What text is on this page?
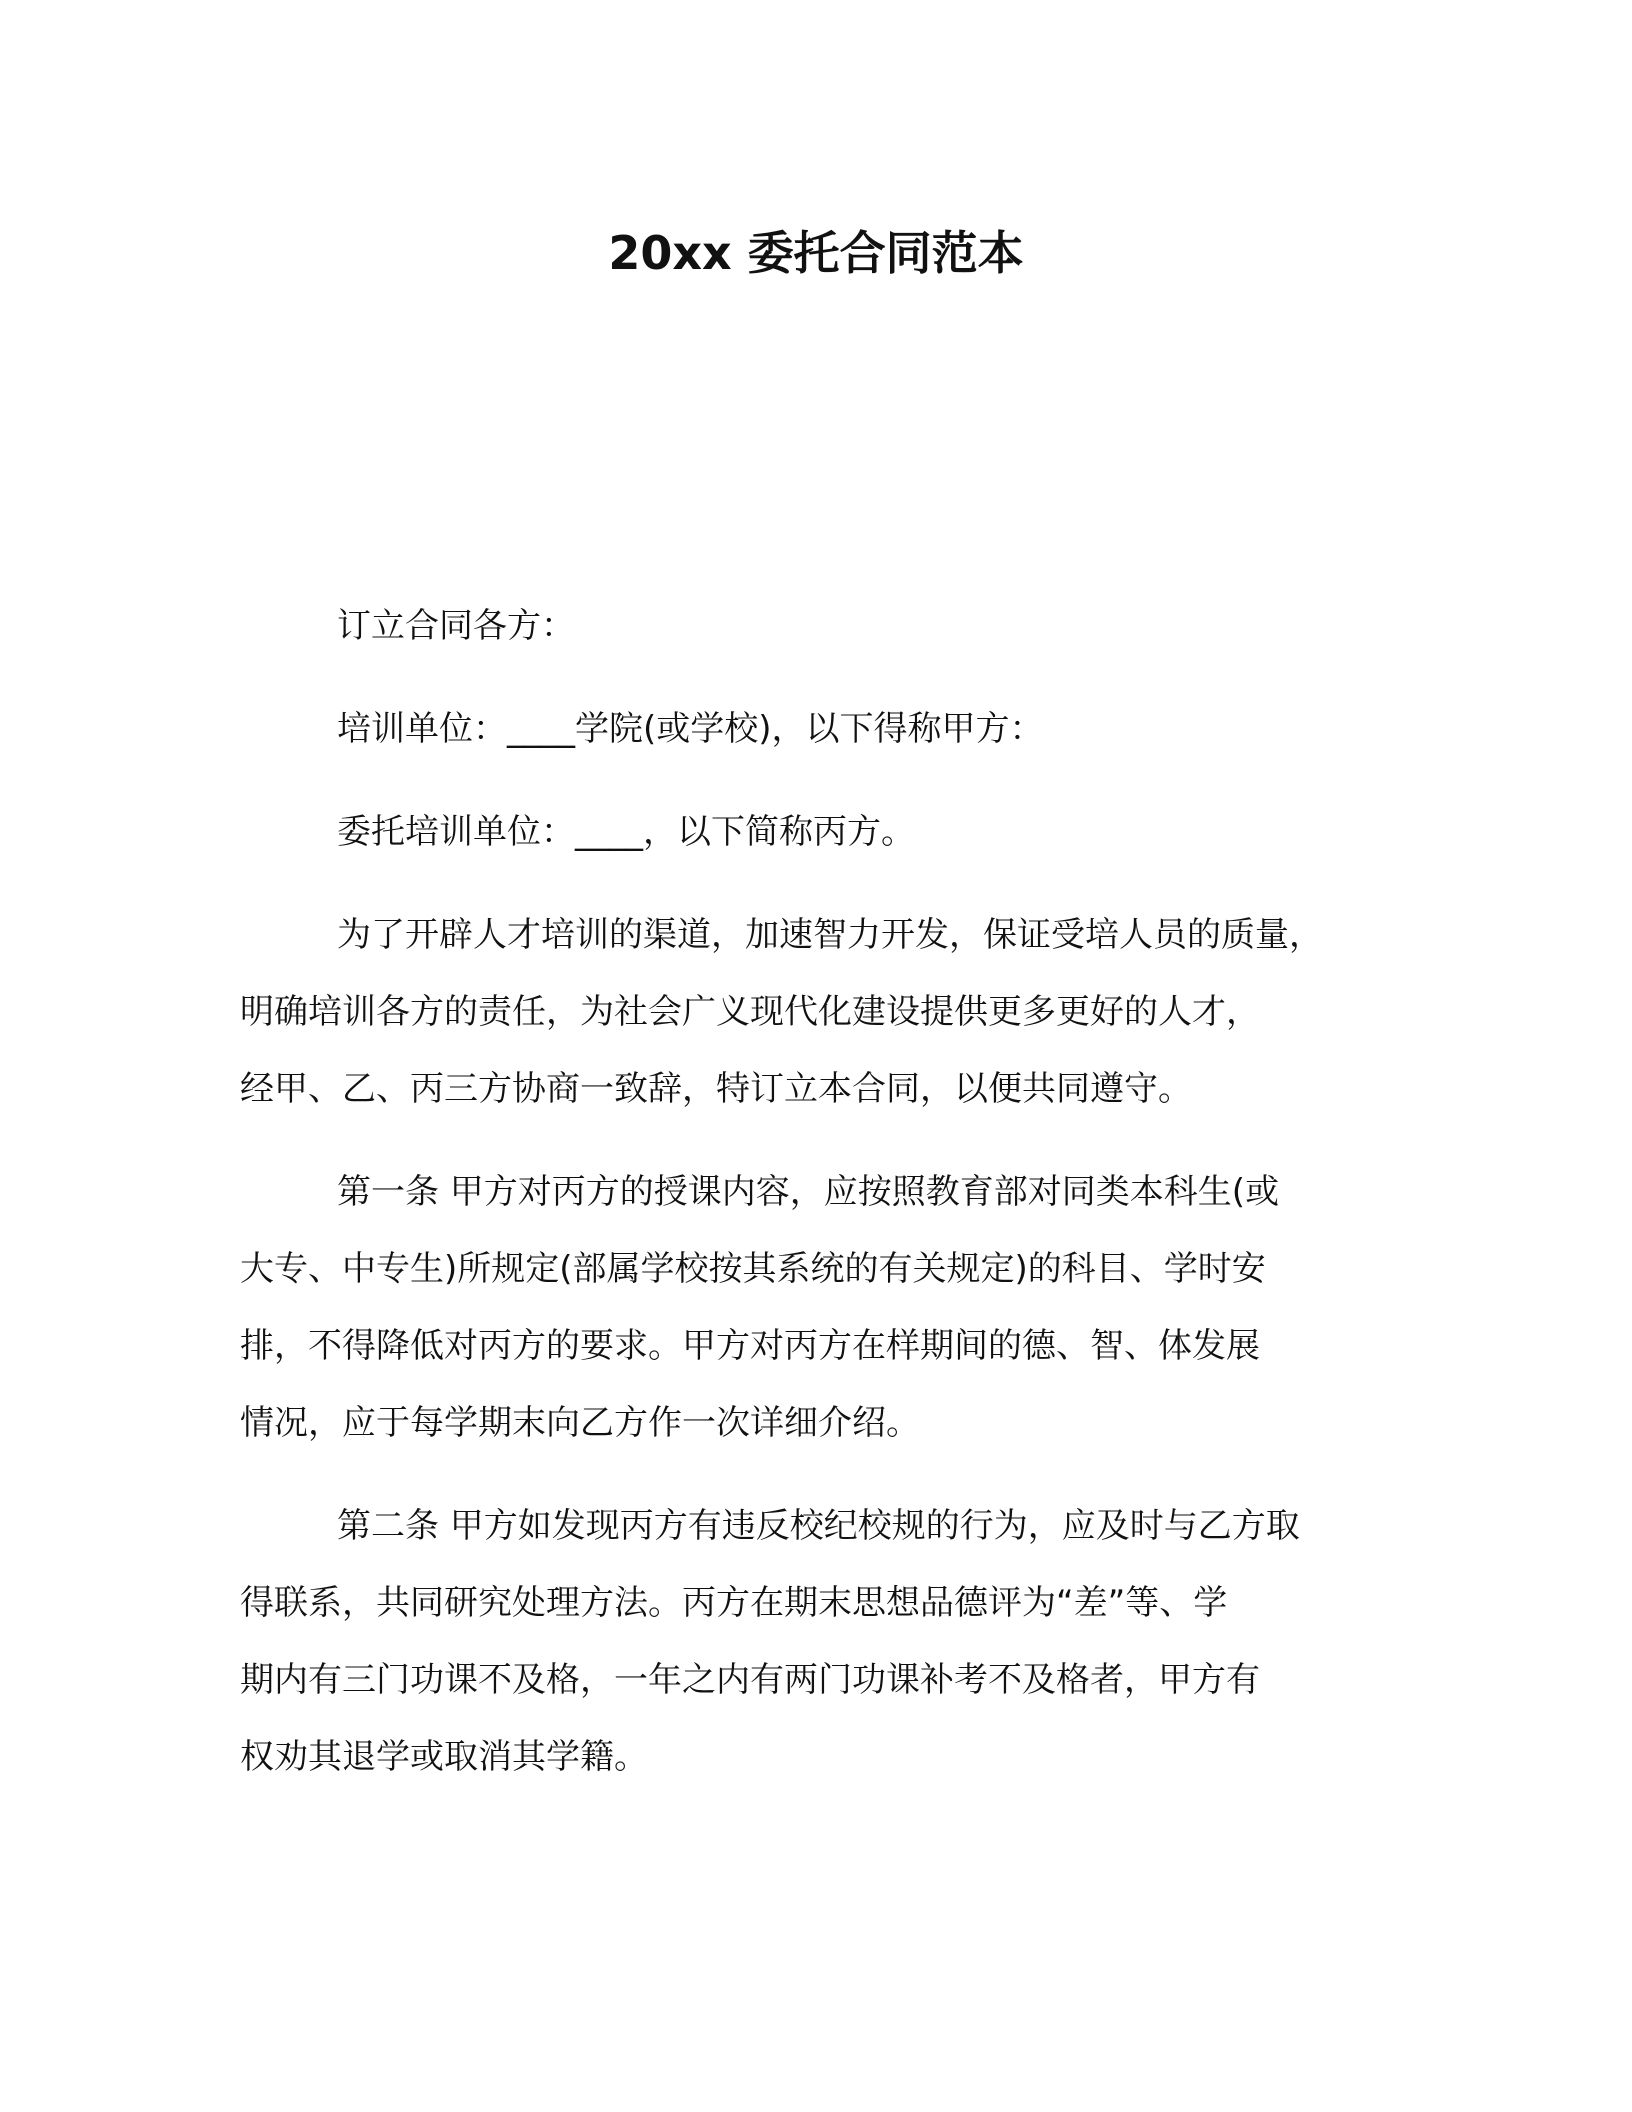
20xx 委托合同范本
订立合同各方：
培训单位：____学院(或学校)，以下得称甲方：
委托培训单位：____，以下简称丙方。
为了开辟人才培训的渠道，加速智力开发，保证受培人员的质量，
明确培训各方的责任，为社会广义现代化建设提供更多更好的人才，
经甲、乙、丙三方协商一致辞，特订立本合同，以便共同遵守。
第一条 甲方对丙方的授课内容，应按照教育部对同类本科生(或
大专、中专生)所规定(部属学校按其系统的有关规定)的科目、学时安
排，不得降低对丙方的要求。甲方对丙方在样期间的德、智、体发展
情况，应于每学期末向乙方作一次详细介绍。
第二条 甲方如发现丙方有违反校纪校规的行为，应及时与乙方取
得联系，共同研究处理方法。丙方在期末思想品德评为“差”等、学
期内有三门功课不及格，一年之内有两门功课补考不及格者，甲方有
权劝其退学或取消其学籍。
